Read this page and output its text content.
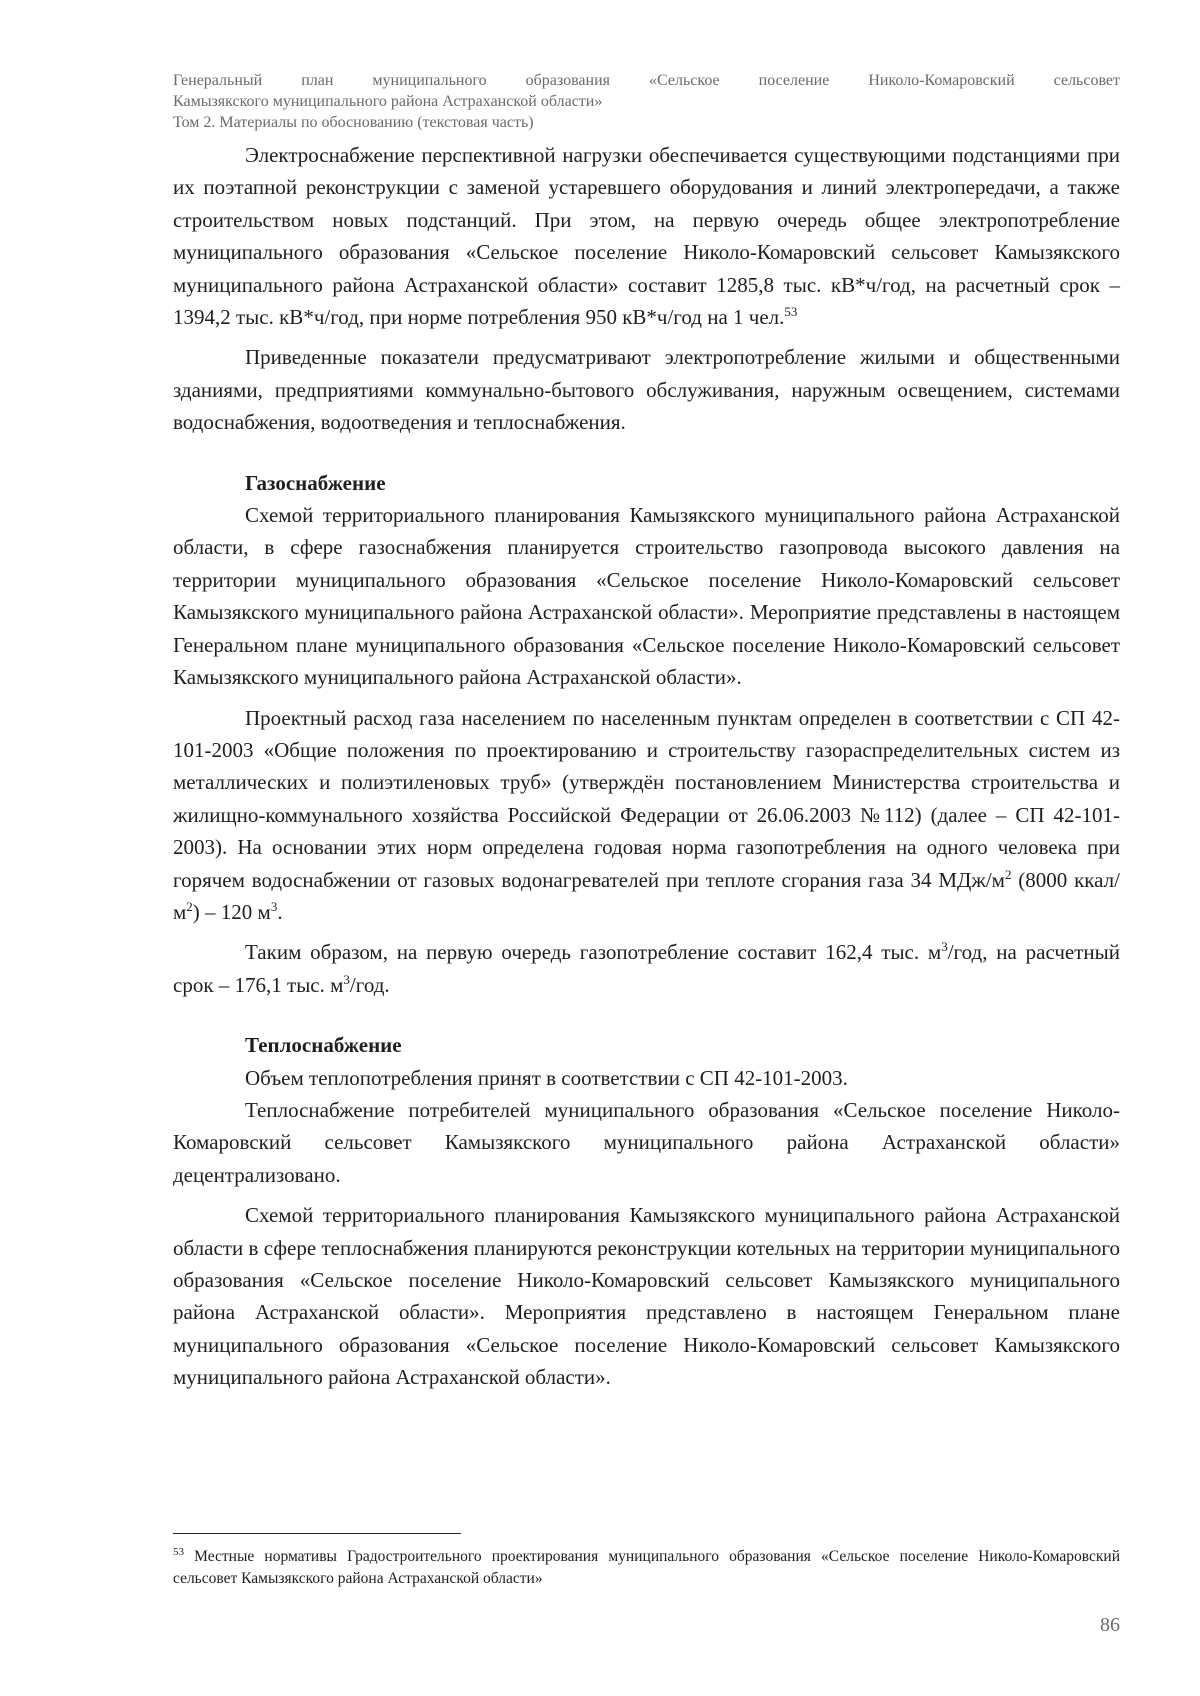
Генеральный план муниципального образования «Сельское поселение Николо-Комаровский сельсовет
Камызякского муниципального района Астраханской области»
Том 2. Материалы по обоснованию (текстовая часть)

Электроснабжение перспективной нагрузки обеспечивается существующими подстанциями при их поэтапной реконструкции с заменой устаревшего оборудования и линий электропередачи, а также строительством новых подстанций. При этом, на первую очередь общее электропотребление муниципального образования «Сельское поселение Николо-Комаровский сельсовет Камызякского муниципального района Астраханской области» составит 1285,8 тыс. кВ*ч/год, на расчетный срок – 1394,2 тыс. кВ*ч/год, при норме потребления 950 кВ*ч/год на 1 чел.$^{53}$

Приведенные показатели предусматривают электропотребление жилыми и общественными зданиями, предприятиями коммунально-бытового обслуживания, наружным освещением, системами водоснабжения, водоотведения и теплоснабжения.

Газоснабжение

Схемой территориального планирования Камызякского муниципального района Астраханской области, в сфере газоснабжения планируется строительство газопровода высокого давления на территории муниципального образования «Сельское поселение Николо-Комаровский сельсовет Камызякского муниципального района Астраханской области». Мероприятие представлены в настоящем Генеральном плане муниципального образования «Сельское поселение Николо-Комаровский сельсовет Камызякского муниципального района Астраханской области».

Проектный расход газа населением по населенным пунктам определен в соответствии с СП 42-101-2003 «Общие положения по проектированию и строительству газораспределительных систем из металлических и полиэтиленовых труб» (утверждён постановлением Министерства строительства и жилищно-коммунального хозяйства Российской Федерации от 26.06.2003 №112) (далее – СП 42-101-2003). На основании этих норм определена годовая норма газопотребления на одного человека при горячем водоснабжении от газовых водонагревателей при теплоте сгорания газа 34 МДж/$м^2$ (8000 ккал/$м^2) - 120$ $м^3$.

Таким образом, на первую очередь газопотребление составит 162,4 тыс. $м^3$/год, на расчетный срок – 176,1 тыс. $м^3$/год.

Теплоснабжение

Объем теплопотребления принят в соответствии с СП 42-101-2003.

Теплоснабжение потребителей муниципального образования «Сельское поселение Николо-Комаровский сельсовет Камызякского муниципального района Астраханской области» децентрализовано.

Схемой территориального планирования Камызякского муниципального района Астраханской области в сфере теплоснабжения планируются реконструкции котельных на территории муниципального образования «Сельское поселение Николо-Комаровский сельсовет Камызякского муниципального района Астраханской области». Мероприятия представлено в настоящем Генеральном плане муниципального образования «Сельское поселение Николо-Комаровский сельсовет Камызякского муниципального района Астраханской области».

$^{53}$ Местные нормативы Градостроительного проектирования муниципального образования «Сельское поселение Николо-Комаровский сельсовет Камызякского района Астраханской области»
86
